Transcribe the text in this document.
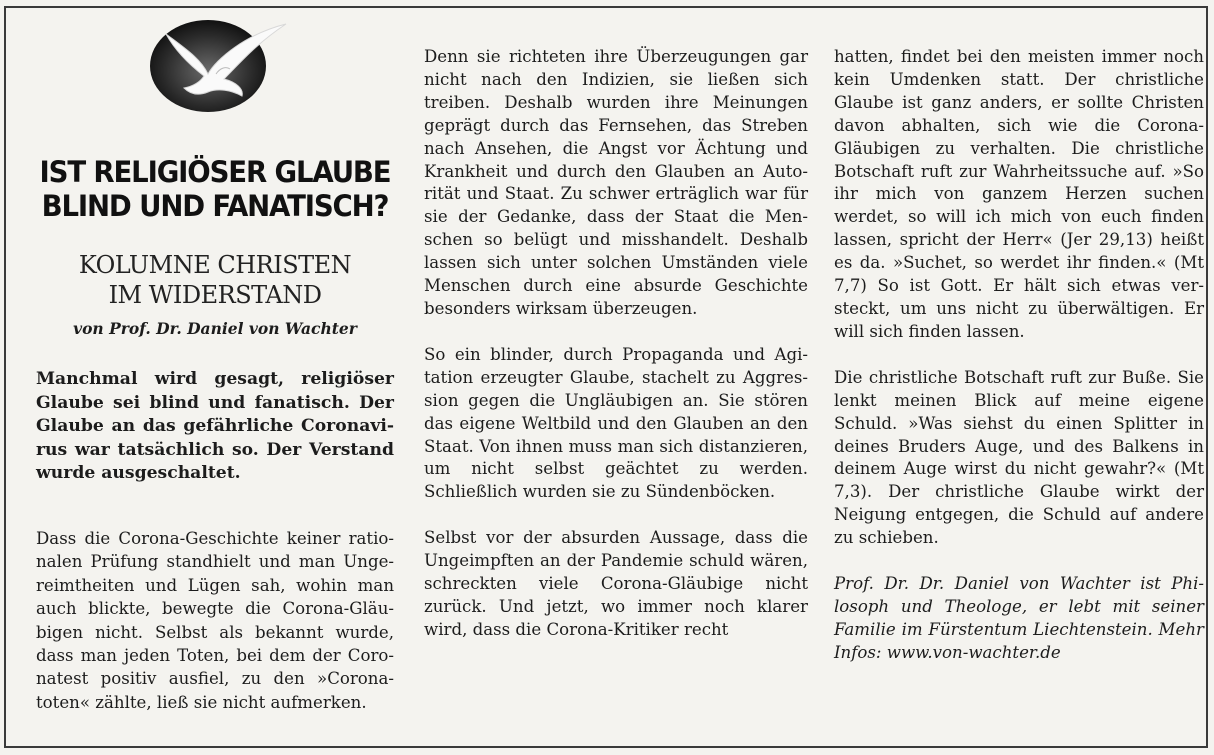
IST RELIGIÖSER GLAUBE BLIND UND FANATISCH?
KOLUMNE CHRISTEN
IM WIDERSTAND
von Prof. Dr. Daniel von Wachter
Manchmal wird gesagt, religiöser Glaube sei blind und fanatisch. Der Glaube an das gefährliche Coronavirus war tatsächlich so. Der Verstand wurde ausgeschaltet.
Dass die Corona-Geschichte keiner rationalen Prüfung standhielt und man Ungereimtheiten und Lügen sah, wohin man auch blickte, bewegte die Corona-Gläubigen nicht. Selbst als bekannt wurde, dass man jeden Toten, bei dem der Coronatest positiv ausfiel, zu den »Coronatoten« zählte, ließ sie nicht aufmerken.

Denn sie richteten ihre Überzeugungen gar nicht nach den Indizien, sie ließen sich treiben. Deshalb wurden ihre Meinungen geprägt durch das Fernsehen, das Streben nach Ansehen, die Angst vor Ächtung und Krankheit und durch den Glauben an Autorität und Staat. Zu schwer erträglich war für sie der Gedanke, dass der Staat die Menschen so belügt und misshandelt. Deshalb lassen sich unter solchen Umständen viele Menschen durch eine absurde Geschichte besonders wirksam überzeugen.

So ein blinder, durch Propaganda und Agitation erzeugter Glaube, stachelt zu Aggression gegen die Ungläubigen an. Sie stören das eigene Weltbild und den Glauben an den Staat. Von ihnen muss man sich distanzieren, um nicht selbst geächtet zu werden. Schließlich wurden sie zu Sündenböcken.

Selbst vor der absurden Aussage, dass die Ungeimpften an der Pandemie schuld wären, schreckten viele Corona-Gläubige nicht zurück. Und jetzt, wo immer noch klarer wird, dass die Corona-Kritiker recht

hatten, findet bei den meisten immer noch kein Umdenken statt. Der christliche Glaube ist ganz anders, er sollte Christen davon abhalten, sich wie die Corona-Gläubigen zu verhalten. Die christliche Botschaft ruft zur Wahrheitssuche auf. »So ihr mich von ganzem Herzen suchen werdet, so will ich mich von euch finden lassen, spricht der Herr« (Jer 29,13) heißt es da. »Suchet, so werdet ihr finden.« (Mt 7,7) So ist Gott. Er hält sich etwas versteckt, um uns nicht zu überwältigen. Er will sich finden lassen.

Die christliche Botschaft ruft zur Buße. Sie lenkt meinen Blick auf meine eigene Schuld. »Was siehst du einen Splitter in deines Bruders Auge, und des Balkens in deinem Auge wirst du nicht gewahr?« (Mt 7,3). Der christliche Glaube wirkt der Neigung entgegen, die Schuld auf andere zu schieben.

Prof. Dr. Dr. Daniel von Wachter ist Philosoph und Theologe, er lebt mit seiner Familie im Fürstentum Liechtenstein. Mehr Infos: www.von-wachter.de
